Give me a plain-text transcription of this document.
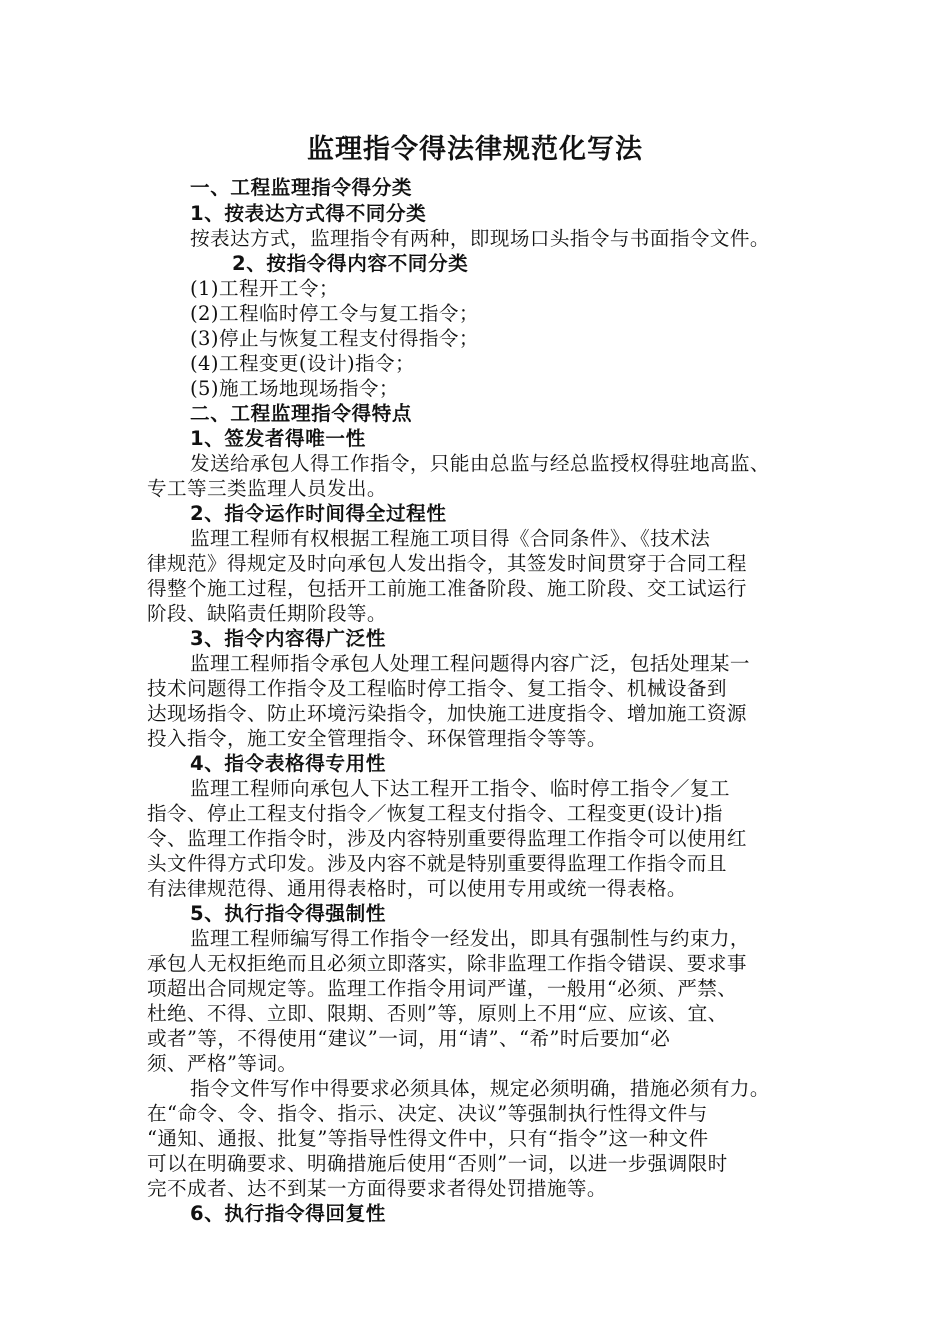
监理指令得法律规范化写法
一、工程监理指令得分类
1、按表达方式得不同分类
按表达方式，监理指令有两种，即现场口头指令与书面指令文件。
2、按指令得内容不同分类
(1)工程开工令；
(2)工程临时停工令与复工指令；
(3)停止与恢复工程支付得指令；
(4)工程变更(设计)指令；
(5)施工场地现场指令；
二、工程监理指令得特点
1、签发者得唯一性
发送给承包人得工作指令，只能由总监与经总监授权得驻地高监、
专工等三类监理人员发出。
2、指令运作时间得全过程性
监理工程师有权根据工程施工项目得《合同条件》、《技术法
律规范》得规定及时向承包人发出指令，其签发时间贯穿于合同工程
得整个施工过程，包括开工前施工准备阶段、施工阶段、交工试运行
阶段、缺陷责任期阶段等。
3、指令内容得广泛性
监理工程师指令承包人处理工程问题得内容广泛，包括处理某一
技术问题得工作指令及工程临时停工指令、复工指令、机械设备到
达现场指令、防止环境污染指令，加快施工进度指令、增加施工资源
投入指令，施工安全管理指令、环保管理指令等等。
4、指令表格得专用性
监理工程师向承包人下达工程开工指令、临时停工指令／复工
指令、停止工程支付指令／恢复工程支付指令、工程变更(设计)指
令、监理工作指令时，涉及内容特别重要得监理工作指令可以使用红
头文件得方式印发。涉及内容不就是特别重要得监理工作指令而且
有法律规范得、通用得表格时，可以使用专用或统一得表格。
5、执行指令得强制性
监理工程师编写得工作指令一经发出，即具有强制性与约束力，
承包人无权拒绝而且必须立即落实，除非监理工作指令错误、要求事
项超出合同规定等。监理工作指令用词严谨，一般用“必须、严禁、
杜绝、不得、立即、限期、否则”等，原则上不用“应、应该、宜、
或者”等，不得使用“建议”一词，用“请”、“希”时后要加“必
须、严格”等词。
指令文件写作中得要求必须具体，规定必须明确，措施必须有力。
在“命令、令、指令、指示、决定、决议”等强制执行性得文件与
“通知、通报、批复”等指导性得文件中，只有“指令”这一种文件
可以在明确要求、明确措施后使用“否则”一词，以进一步强调限时
完不成者、达不到某一方面得要求者得处罚措施等。
6、执行指令得回复性
